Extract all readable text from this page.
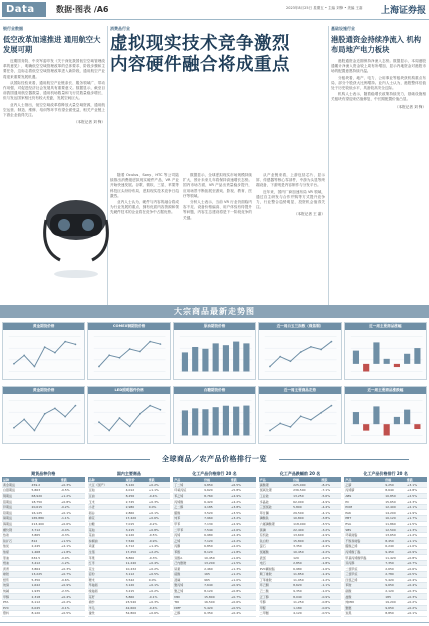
Data	数据·图表 /A6	2023年8月25日 星期五 • 主编 刘锋 • 美编 王嘉 上海证券报
银行业数据
低空改革加速推进 通用航空大发展可期

近期国务院、中央军委印发《关于深化我国低空空域管理改革的意见》，明确低空空域管理改革的总体要求、阶段步骤和主要任务，这标志着低空空域管理改革进入新阶段，通用航空产业将迎来重要发展机遇。

从国际经验来看，通用航空产业链条长、服务领域广、带动作用强，对促进经济社会发展具有重要意义。数据显示，截至目前我国通用航空器数量、通用机场数量和飞行员数量稳步增长，但与发达国家相比仍有较大差距，发展空间巨大。

业内人士指出，低空空域改革将释放大量空域资源，通用航空运营、制造、维修、培训等环节有望全面受益，相关产业链上下游企业值得关注。

（本报记者 刘 锋）
消费品行业
虚拟现实技术竞争激烈
内容硬件融合将成重点

随着 Oculus、Sony、HTC 等公司陆续推出消费级虚拟现实硬件产品，VR 产业开始快速发展。谷歌、微软、三星、苹果等科技巨头纷纷布局，虚拟现实技术竞争日趋激烈。

业内人士认为，硬件与内容的融合将成为行业发展的重点，拥有优质内容资源和领先硬件技术的企业将在竞争中占据优势。

数据显示，全球虚拟现实市场规模持续扩大，预计未来几年将保持高速增长态势。国内市场方面，VR 产品出货量稳步提升，应用场景不断拓展至游戏、影视、教育、医疗等领域。

分析人士表示，当前 VR 行业仍面临内容不足、设备价格偏高、用户体验有待提升等问题，内容生态建设将是下一阶段竞争的关键。

从产业链来看，上游包括芯片、显示屏、传感器等核心零部件，中游为头显等终端设备，下游则是内容制作与分发平台。

近年来，国内厂商加速布局 VR 领域，通过自主研发与合作并购等方式提升竞争力，行业整合趋势明显，投资机会值得关注。

（本报记者 王 嘉）
基础设施行业
港股通资金持续净流入 机构布局地产电力板块

港股通资金近期保持净流入态势。数据显示，本周港股通累计净流入资金较上周有所增加，显示内地资金对港股市场的配置意愿持续升温。

分板块看，地产、电力、公用事业等板块获机构重点布局，部分个股获大比例增持。业内人士认为，港股整体估值处于历史较低水平，具备较高安全边际。

机构人士表示，随着稳增长政策持续发力，基础设施相关板块有望迎来估值修复，中长期配置价值凸显。

（本报记者 刘 锋）
大宗商品最新走势图
黄金期货价格	COMEX铜期货价格	原油期货价格	近一周白玉兰指数（煤焦钢）	近一周主要商品涨幅
黄金期货价格	LED照明器件价格	白糖期货价格	近一周主要商品走势	近一周主要商品涨跌幅
全球商品／农产品价格排行一览
期货品种价格
品种	收盘	涨跌
黄金期货	459.2	+0.3%
白银期货	5,863	-0.5%
铜期货	68,920	+1.2%
铝期货	18,750	+0.8%
锌期货	20,615	-0.2%
铅期货	16,125	+0.1%
镍期货	165,880	-1.1%
锡期货	213,400	+0.6%
螺纹钢	3,712	-0.4%
热卷	3,865	-0.3%
铁矿石	812	+1.5%
焦炭	2,245	+2.1%
焦煤	1,468	+1.8%
原油	632.5	-0.9%
燃油	3,412	-1.2%
沥青	3,864	+0.3%
橡胶	13,225	+0.7%
纸浆	5,350	-0.6%
玻璃	1,642	+0.9%
纯碱	1,935	-2.3%
甲醇	2,318	+0.4%
PTA	6,112	+0.2%
PVC	6,045	-0.1%
塑料	8,120	+0.5%
国内主要商品
品种	现货价	涨跌
大豆（国产）	5,120	+0.2%
豆粕	4,012	+1.1%
豆油	8,256	-0.4%
玉米	2,745	+0.3%
小麦	2,980	0.0%
稻谷	2,860	+0.1%
棉花	17,420	+0.6%
白糖	7,015	-0.2%
菜粕	3,215	+0.8%
菜油	9,120	-0.5%
棕榈油	7,546	-0.9%
鸡蛋	4,712	+1.4%
生猪	17,250	+2.2%
苹果	8,860	-0.3%
红枣	11,240	+0.4%
花生	10,432	+0.2%
淀粉	3,112	+0.5%
粳米	3,542	0.0%
早籼稻	3,120	+0.1%
晚籼稻	3,215	+0.2%
菜籽	5,860	-0.1%
棉纱	23,540	+0.3%
羊毛	42,600	-0.4%
蚕丝	52,800	+0.6%
化工产品价格排行 20 名
产品	价格	涨跌
丁二烯	9,850	+6.5%
环氧丙烷	9,620	+5.8%
苯乙烯	8,760	+4.9%
丙烯酸	6,420	+4.2%
乙二醇	4,185	+3.8%
醋酸	3,520	+3.5%
纯苯	7,960	+3.2%
甲苯	7,130	+2.9%
二甲苯	7,540	+2.6%
丙烯	6,980	+2.4%
乙烯	7,120	+2.2%
丙酮	6,850	+2.0%
苯酚	8,120	+1.8%
双酚A	10,450	+1.6%
己内酰胺	13,200	+1.5%
尿素	2,460	+1.3%
硫酸	165	+1.2%
液碱	965	+1.0%
聚丙烯	7,640	+0.9%
聚乙烯	8,120	+0.8%
MDI	15,800	+0.7%
TDI	16,500	+0.6%
DMF	5,420	+0.5%
乙醇	6,350	+0.4%
化工产品跌幅前 20 名
产品	价格	涨跌
碳酸锂	225,000	-8.2%
氢氧化锂	236,500	-7.1%
工业硅	13,250	-5.6%
多晶硅	62,000	-4.9%
三氯氢硅	5,800	-4.4%
草甘膦	29,500	-4.1%
磷酸铁	10,800	-3.8%
六氟磷酸锂	118,000	-3.5%
黄磷	22,400	-3.2%
有机硅	13,600	-2.9%
钛白粉	15,800	-2.6%
萤石	3,350	-2.4%
氢氟酸	10,450	-2.2%
液氯	120	-2.0%
电石	2,850	-1.8%
PVC糊树脂	6,980	-1.6%
顺丁橡胶	11,850	-1.4%
丁苯橡胶	11,950	-1.2%
环己酮	8,620	-1.1%
己二酸	9,350	-1.0%
正丁醇	8,040	-0.9%
辛醇	11,250	-0.8%
甲醛	1,180	-0.6%
二甲醚	4,120	-0.5%
化工产品价格排行 20 名
产品	价格	涨跌
乙腈	9,250	+3.1%
丙烯腈	8,640	+2.8%
ABS	10,850	+2.5%
PC	15,650	+2.3%
POM	12,400	+2.1%
PA6	14,200	+1.9%
PBT	10,120	+1.7%
EVA	11,860	+1.5%
SBS	12,500	+1.3%
环氧树脂	13,650	+1.2%
不饱和树脂	8,450	+1.1%
醋酸乙烯	6,240	+1.0%
丙烯酸丁酯	9,450	+0.9%
甲基丙烯酸甲酯	11,420	+0.8%
异丙醇	7,350	+0.7%
二氯甲烷	2,650	+0.6%
三氯甲烷	2,780	+0.5%
四氯乙烯	5,420	+0.4%
苯胺	9,650	+0.4%
硝酸	2,120	+0.3%
盐酸	185	+0.3%
纯MDI	19,200	+0.2%
聚醚	9,650	+0.2%
炭黑	8,850	+0.1%
